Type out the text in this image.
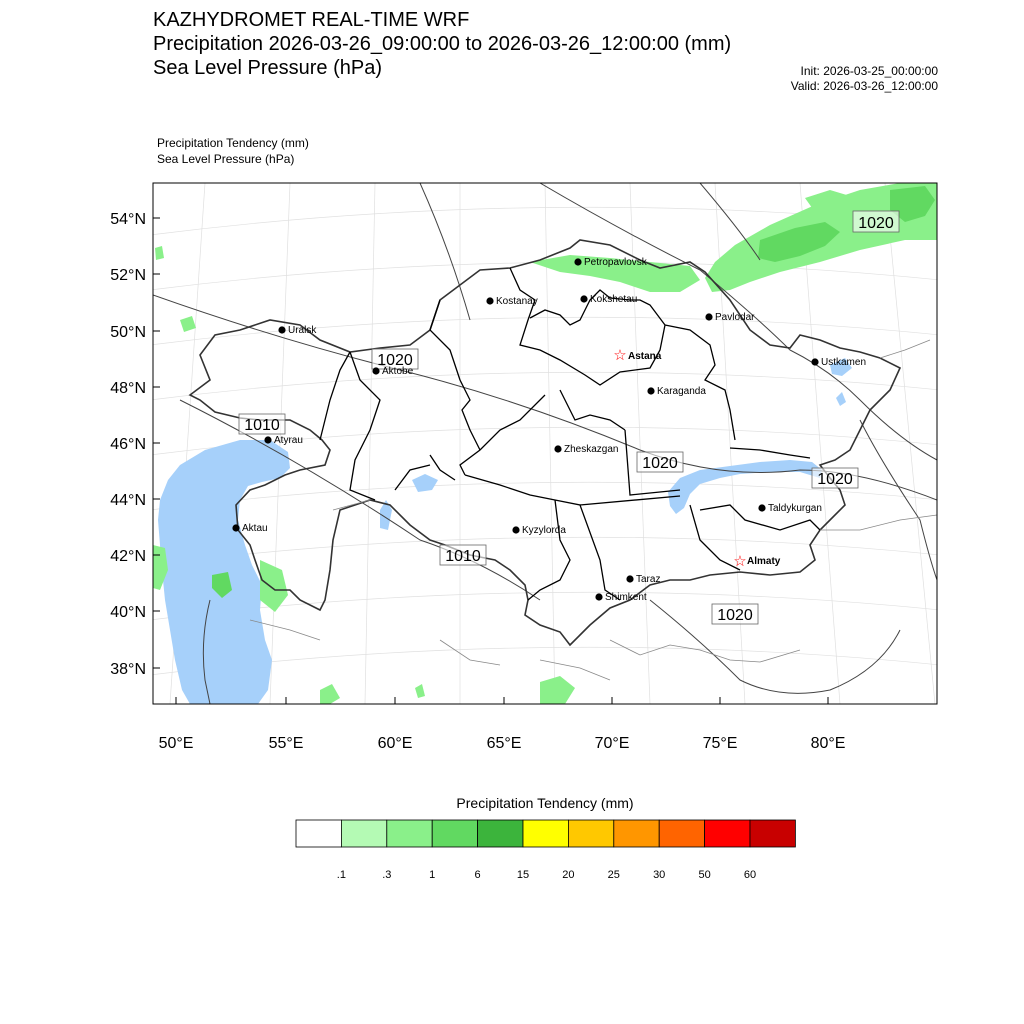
KAZHYDROMET REAL-TIME WRF
Precipitation 2026-03-26_09:00:00 to 2026-03-26_12:00:00 (mm)
Sea Level Pressure (hPa)	Init: 2026-03-25_00:00:00
Valid: 2026-03-26_12:00:00
Precipitation Tendency (mm)
Sea Level Pressure (hPa)
54°N
52°N
50°N
48°N
46°N
44°N
42°N
40°N
38°N
50°E	55°E	60°E	65°E	70°E	75°E	80°E
1020
1020
1010
1020
1020
1010
1020
Petropavlovsk
Kostanay	Kokshetau
Pavlodar
Uralsk
☆ Astana
Aktobe
Ustkamen
Karaganda
Atyrau
Zheskazgan
Aktau
Taldykurgan
Kyzylorda
☆ Almaty
Taraz
Shimkent
.1	.3	1	6	15	20	25	30	50	60
Precipitation Tendency (mm)
